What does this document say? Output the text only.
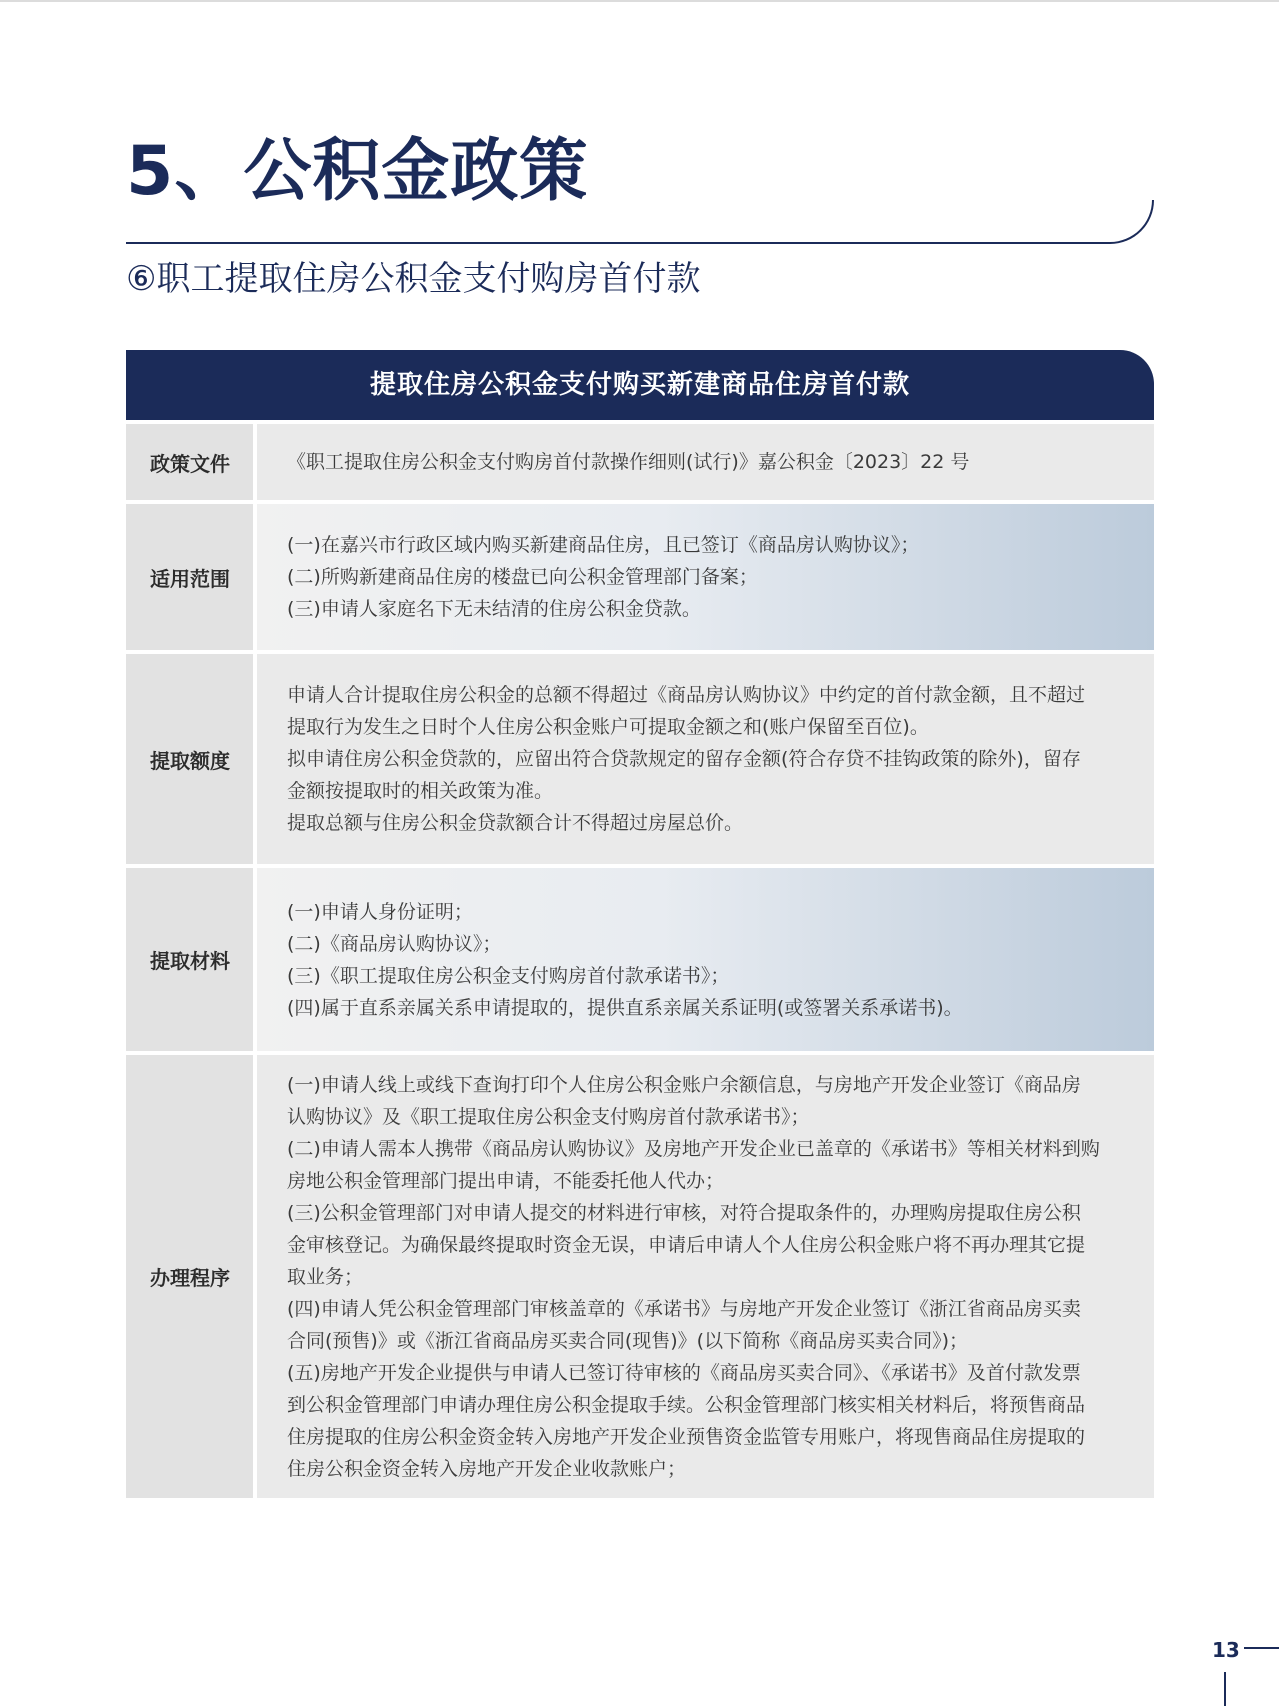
5、公积金政策
⑥职工提取住房公积金支付购房首付款
提取住房公积金支付购买新建商品住房首付款
政策文件	《职工提取住房公积金支付购房首付款操作细则(试行)》嘉公积金〔2023〕22 号

适用范围

(一)在嘉兴市行政区域内购买新建商品住房，且已签订《商品房认购协议》；

(二)所购新建商品住房的楼盘已向公积金管理部门备案；

(三)申请人家庭名下无未结清的住房公积金贷款。

提取额度

申请人合计提取住房公积金的总额不得超过《商品房认购协议》中约定的首付款金额，且不超过

提取行为发生之日时个人住房公积金账户可提取金额之和(账户保留至百位)。

拟申请住房公积金贷款的，应留出符合贷款规定的留存金额(符合存贷不挂钩政策的除外)，留存

金额按提取时的相关政策为准。

提取总额与住房公积金贷款额合计不得超过房屋总价。

提取材料

(一)申请人身份证明；

(二)《商品房认购协议》；

(三)《职工提取住房公积金支付购房首付款承诺书》；

(四)属于直系亲属关系申请提取的，提供直系亲属关系证明(或签署关系承诺书)。

办理程序

(一)申请人线上或线下查询打印个人住房公积金账户余额信息，与房地产开发企业签订《商品房

认购协议》及《职工提取住房公积金支付购房首付款承诺书》；

(二)申请人需本人携带《商品房认购协议》及房地产开发企业已盖章的《承诺书》等相关材料到购

房地公积金管理部门提出申请，不能委托他人代办；

(三)公积金管理部门对申请人提交的材料进行审核，对符合提取条件的，办理购房提取住房公积

金审核登记。为确保最终提取时资金无误，申请后申请人个人住房公积金账户将不再办理其它提

取业务；

(四)申请人凭公积金管理部门审核盖章的《承诺书》与房地产开发企业签订《浙江省商品房买卖

合同(预售)》或《浙江省商品房买卖合同(现售)》(以下简称《商品房买卖合同》)；

(五)房地产开发企业提供与申请人已签订待审核的《商品房买卖合同》、《承诺书》及首付款发票

到公积金管理部门申请办理住房公积金提取手续。公积金管理部门核实相关材料后，将预售商品

住房提取的住房公积金资金转入房地产开发企业预售资金监管专用账户，将现售商品住房提取的

住房公积金资金转入房地产开发企业收款账户；

13
